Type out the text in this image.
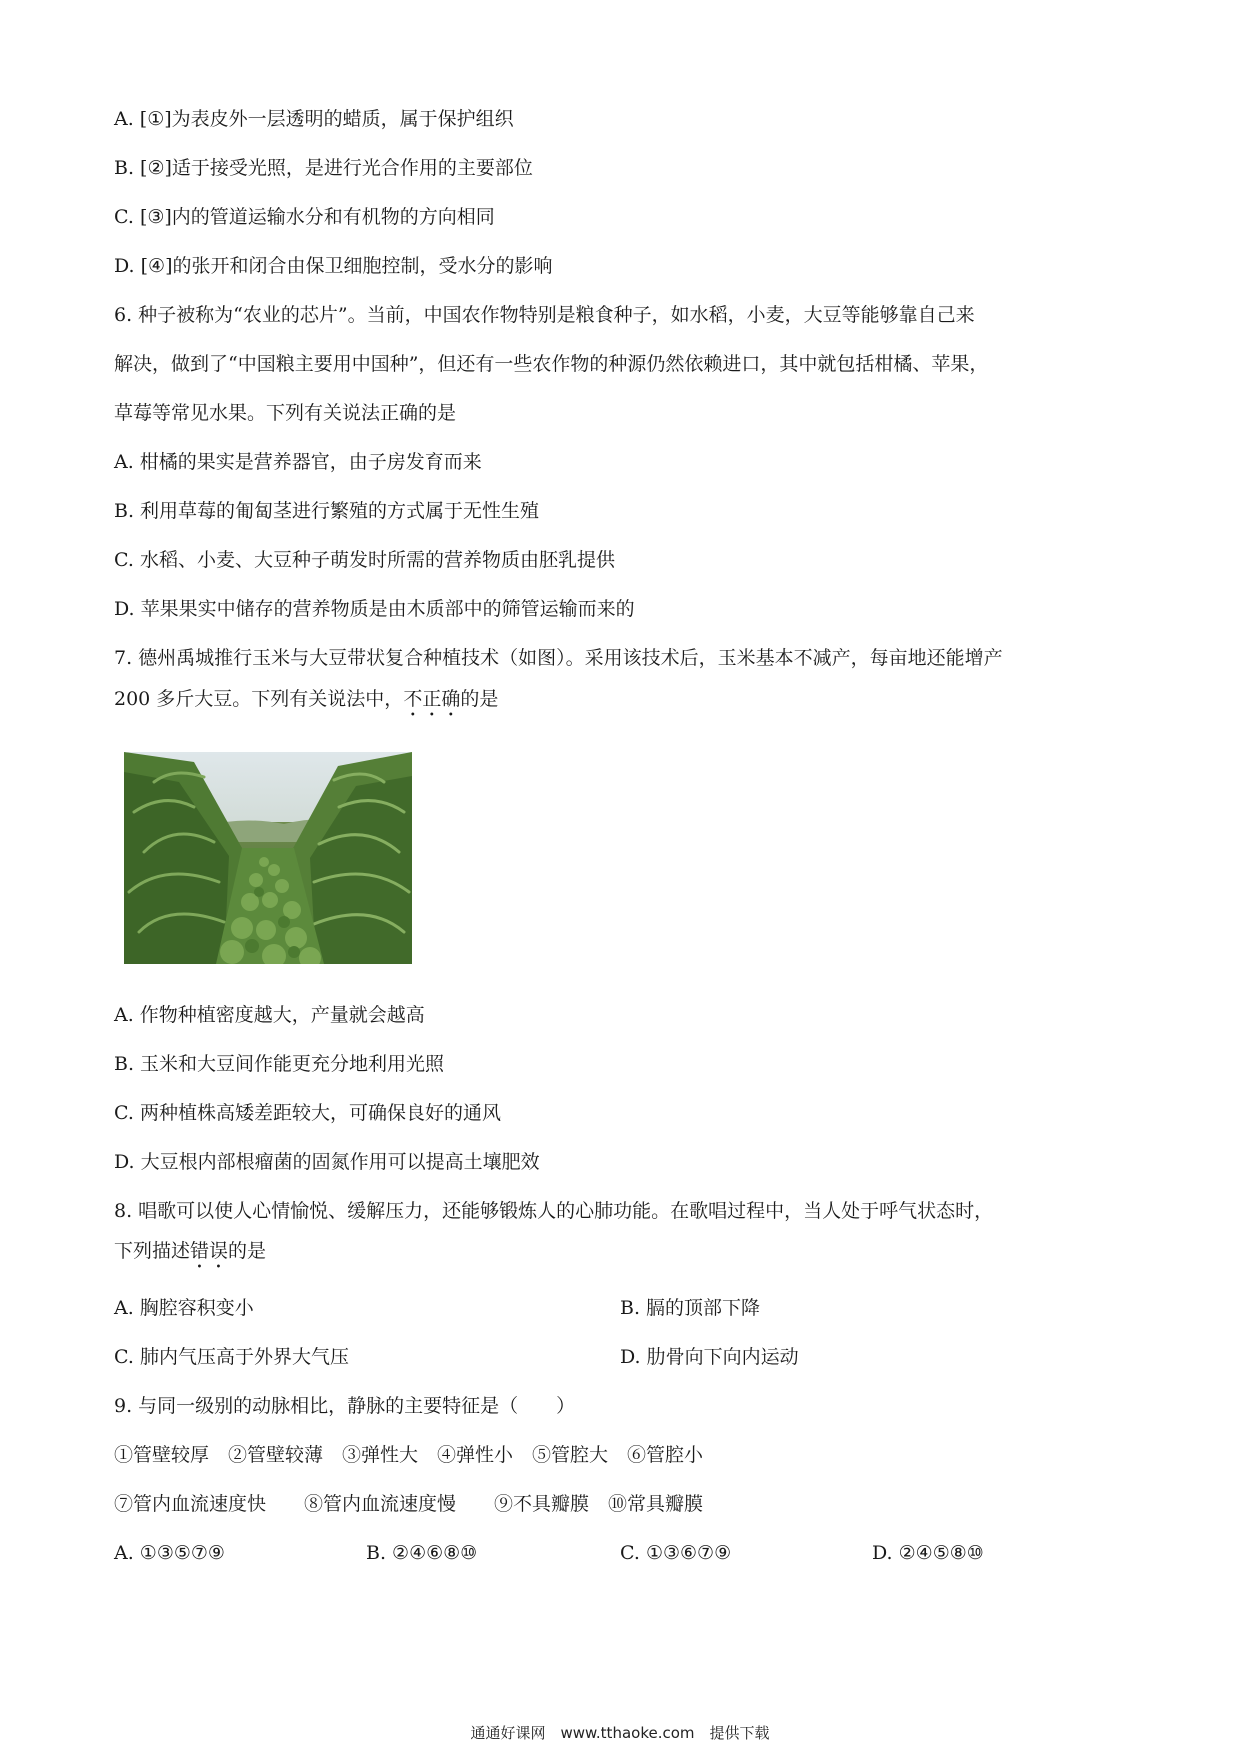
A. [①]为表皮外一层透明的蜡质，属于保护组织
B. [②]适于接受光照，是进行光合作用的主要部位
C. [③]内的管道运输水分和有机物的方向相同
D. [④]的张开和闭合由保卫细胞控制，受水分的影响
6. 种子被称为“农业的芯片”。当前，中国农作物特别是粮食种子，如水稻，小麦，大豆等能够靠自己来
解决，做到了“中国粮主要用中国种”，但还有一些农作物的种源仍然依赖进口，其中就包括柑橘、苹果，
草莓等常见水果。下列有关说法正确的是
A. 柑橘的果实是营养器官，由子房发育而来
B. 利用草莓的匍匐茎进行繁殖的方式属于无性生殖
C. 水稻、小麦、大豆种子萌发时所需的营养物质由胚乳提供
D. 苹果果实中储存的营养物质是由木质部中的筛管运输而来的
7. 德州禹城推行玉米与大豆带状复合种植技术（如图）。采用该技术后，玉米基本不减产，每亩地还能增产
200 多斤大豆。下列有关说法中，不正确的是
A. 作物种植密度越大，产量就会越高
B. 玉米和大豆间作能更充分地利用光照
C. 两种植株高矮差距较大，可确保良好的通风
D. 大豆根内部根瘤菌的固氮作用可以提高土壤肥效
8. 唱歌可以使人心情愉悦、缓解压力，还能够锻炼人的心肺功能。在歌唱过程中，当人处于呼气状态时，
下列描述错误的是
A. 胸腔容积变小	B. 膈的顶部下降
C. 肺内气压高于外界大气压	D. 肋骨向下向内运动
9. 与同一级别的动脉相比，静脉的主要特征是（　　）
①管壁较厚　②管壁较薄　③弹性大　④弹性小　⑤管腔大　⑥管腔小
⑦管内血流速度快　　⑧管内血流速度慢　　⑨不具瓣膜　⑩常具瓣膜
A. ①③⑤⑦⑨	B. ②④⑥⑧⑩	C. ①③⑥⑦⑨	D. ②④⑤⑧⑩
通通好课网　www.tthaoke.com　提供下载
